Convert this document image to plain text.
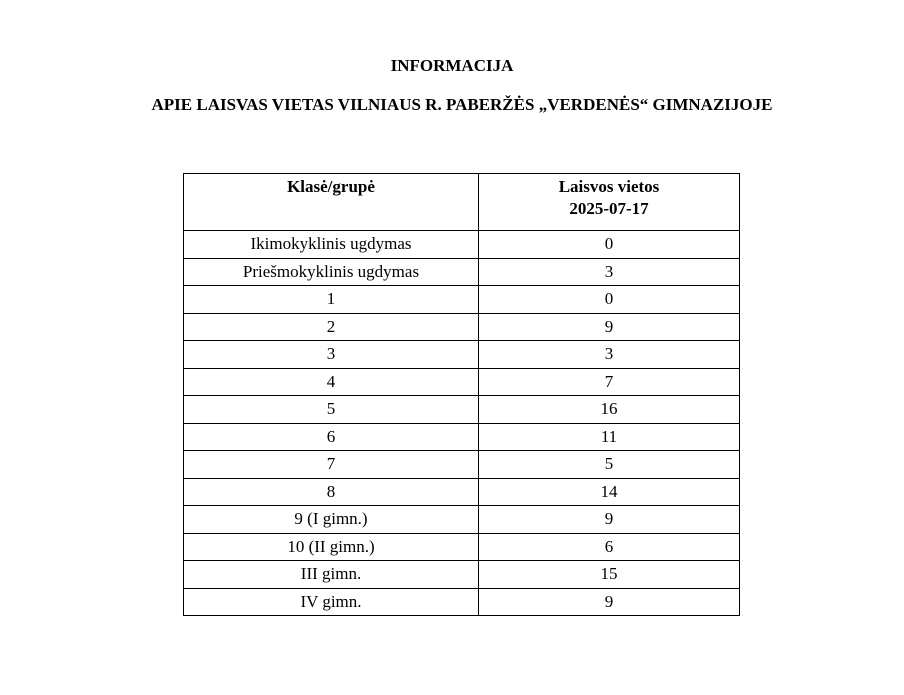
INFORMACIJA
APIE LAISVAS VIETAS VILNIAUS R. PABERŽĖS „VERDENĖS“ GIMNAZIJOJE
Klasė/grupė	Laisvos vietos
2025-07-17

Ikimokyklinis ugdymas	0
Priešmokyklinis ugdymas	3
1	0
2	9
3	3
4	7
5	16
6	11
7	5
8	14
9 (I gimn.)	9
10 (II gimn.)	6
III gimn.	15
IV gimn.	9
